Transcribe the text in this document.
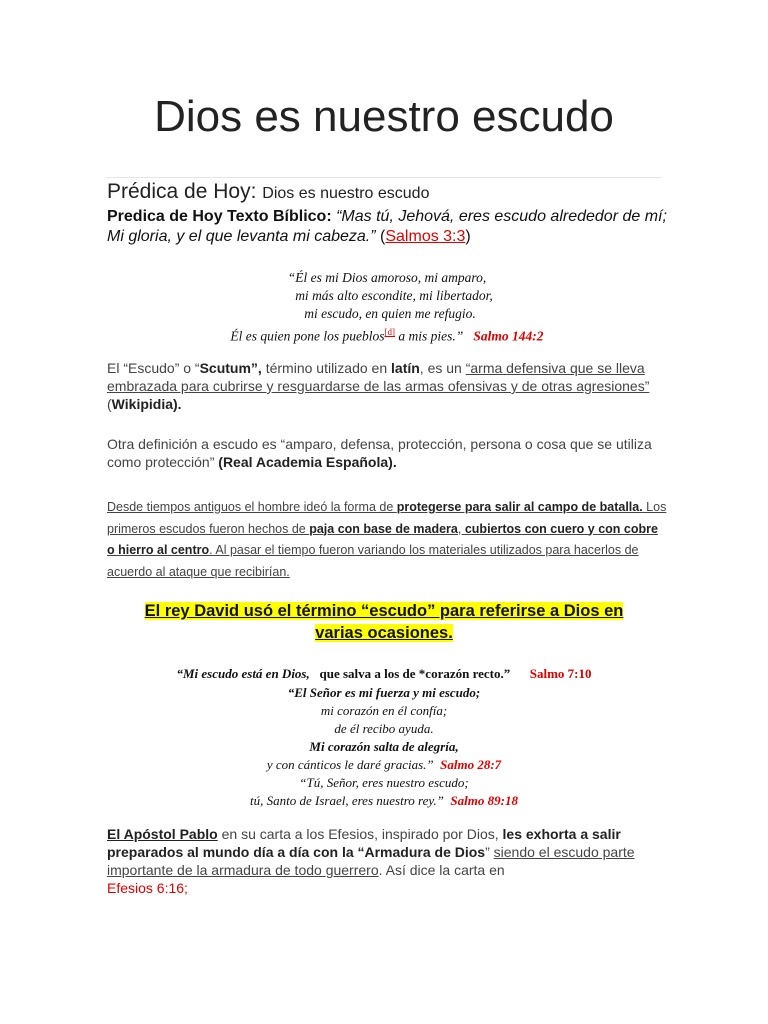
Dios es nuestro escudo
Prédica de Hoy: Dios es nuestro escudo
Predica de Hoy Texto Bíblico: “Mas tú, Jehová, eres escudo alrededor de mí; Mi gloria, y el que levanta mi cabeza.” (Salmos 3:3)
“Él es mi Dios amoroso, mi amparo,
mi más alto escondite, mi libertador,
mi escudo, en quien me refugio.
Él es quien pone los pueblos[d] a mis pies.” Salmo 144:2
El “Escudo” o “Scutum”, término utilizado en latín, es un “arma defensiva que se lleva embrazada para cubrirse y resguardarse de las armas ofensivas y de otras agresiones” (Wikipidia).
Otra definición a escudo es “amparo, defensa, protección, persona o cosa que se utiliza como protección” (Real Academia Española).
Desde tiempos antiguos el hombre ideó la forma de protegerse para salir al campo de batalla. Los primeros escudos fueron hechos de paja con base de madera, cubiertos con cuero y con cobre o hierro al centro. Al pasar el tiempo fueron variando los materiales utilizados para hacerlos de acuerdo al ataque que recibirían.
El rey David usó el término “escudo” para referirse a Dios en
varias ocasiones.
“Mi escudo está en Dios, que salva a los de *corazón recto.” Salmo 7:10
“El Señor es mi fuerza y mi escudo;
mi corazón en él confía;
de él recibo ayuda.
Mi corazón salta de alegría,
y con cánticos le daré gracias.” Salmo 28:7
“Tú, Señor, eres nuestro escudo;
tú, Santo de Israel, eres nuestro rey.” Salmo 89:18
El Apóstol Pablo en su carta a los Efesios, inspirado por Dios, les exhorta a salir preparados al mundo día a día con la “Armadura de Dios” siendo el escudo parte importante de la armadura de todo guerrero. Así dice la carta en
Efesios 6:16;
